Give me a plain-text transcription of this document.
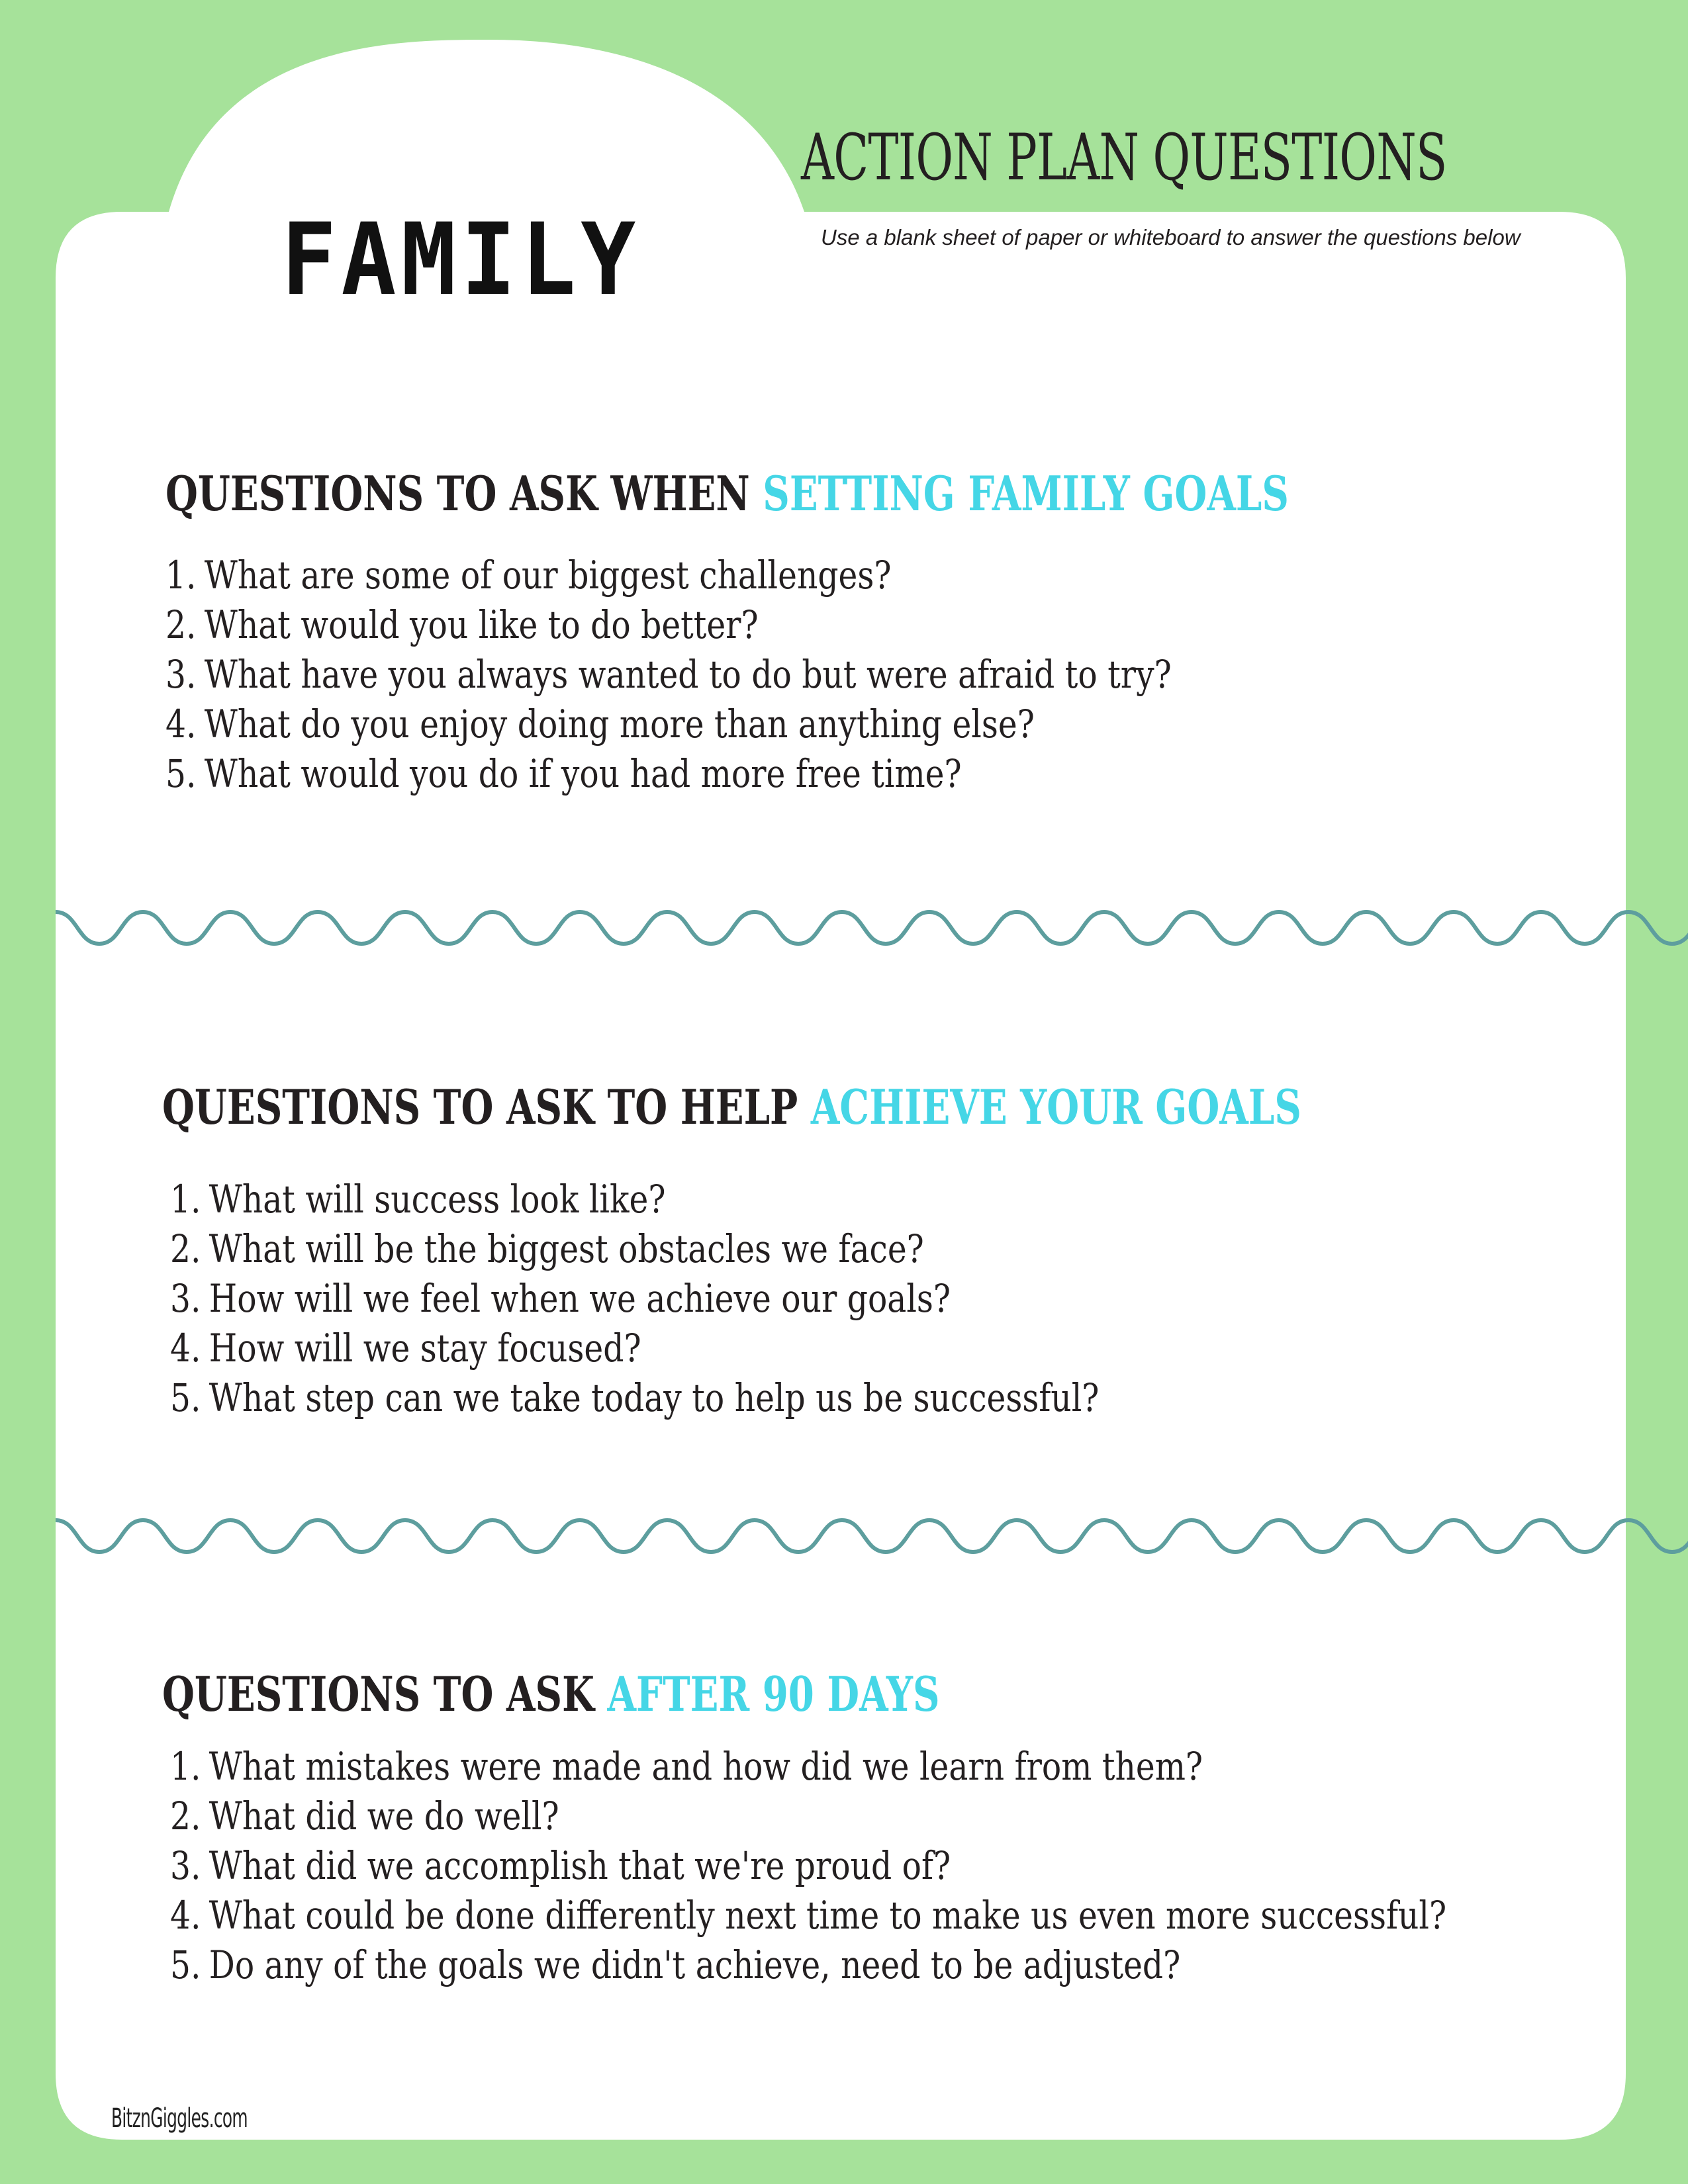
FAMILY
ACTION PLAN QUESTIONS
Use a blank sheet of paper or whiteboard to answer the questions below
QUESTIONS TO ASK WHEN SETTING FAMILY GOALS
1. What are some of our biggest challenges?
2. What would you like to do better?
3. What have you always wanted to do but were afraid to try?
4. What do you enjoy doing more than anything else?
5. What would you do if you had more free time?
QUESTIONS TO ASK TO HELP ACHIEVE YOUR GOALS
1. What will success look like?
2. What will be the biggest obstacles we face?
3. How will we feel when we achieve our goals?
4. How will we stay focused?
5. What step can we take today to help us be successful?
QUESTIONS TO ASK AFTER 90 DAYS
1. What mistakes were made and how did we learn from them?
2. What did we do well?
3. What did we accomplish that we're proud of?
4. What could be done differently next time to make us even more successful?
5. Do any of the goals we didn't achieve, need to be adjusted?
BitznGiggles.com
